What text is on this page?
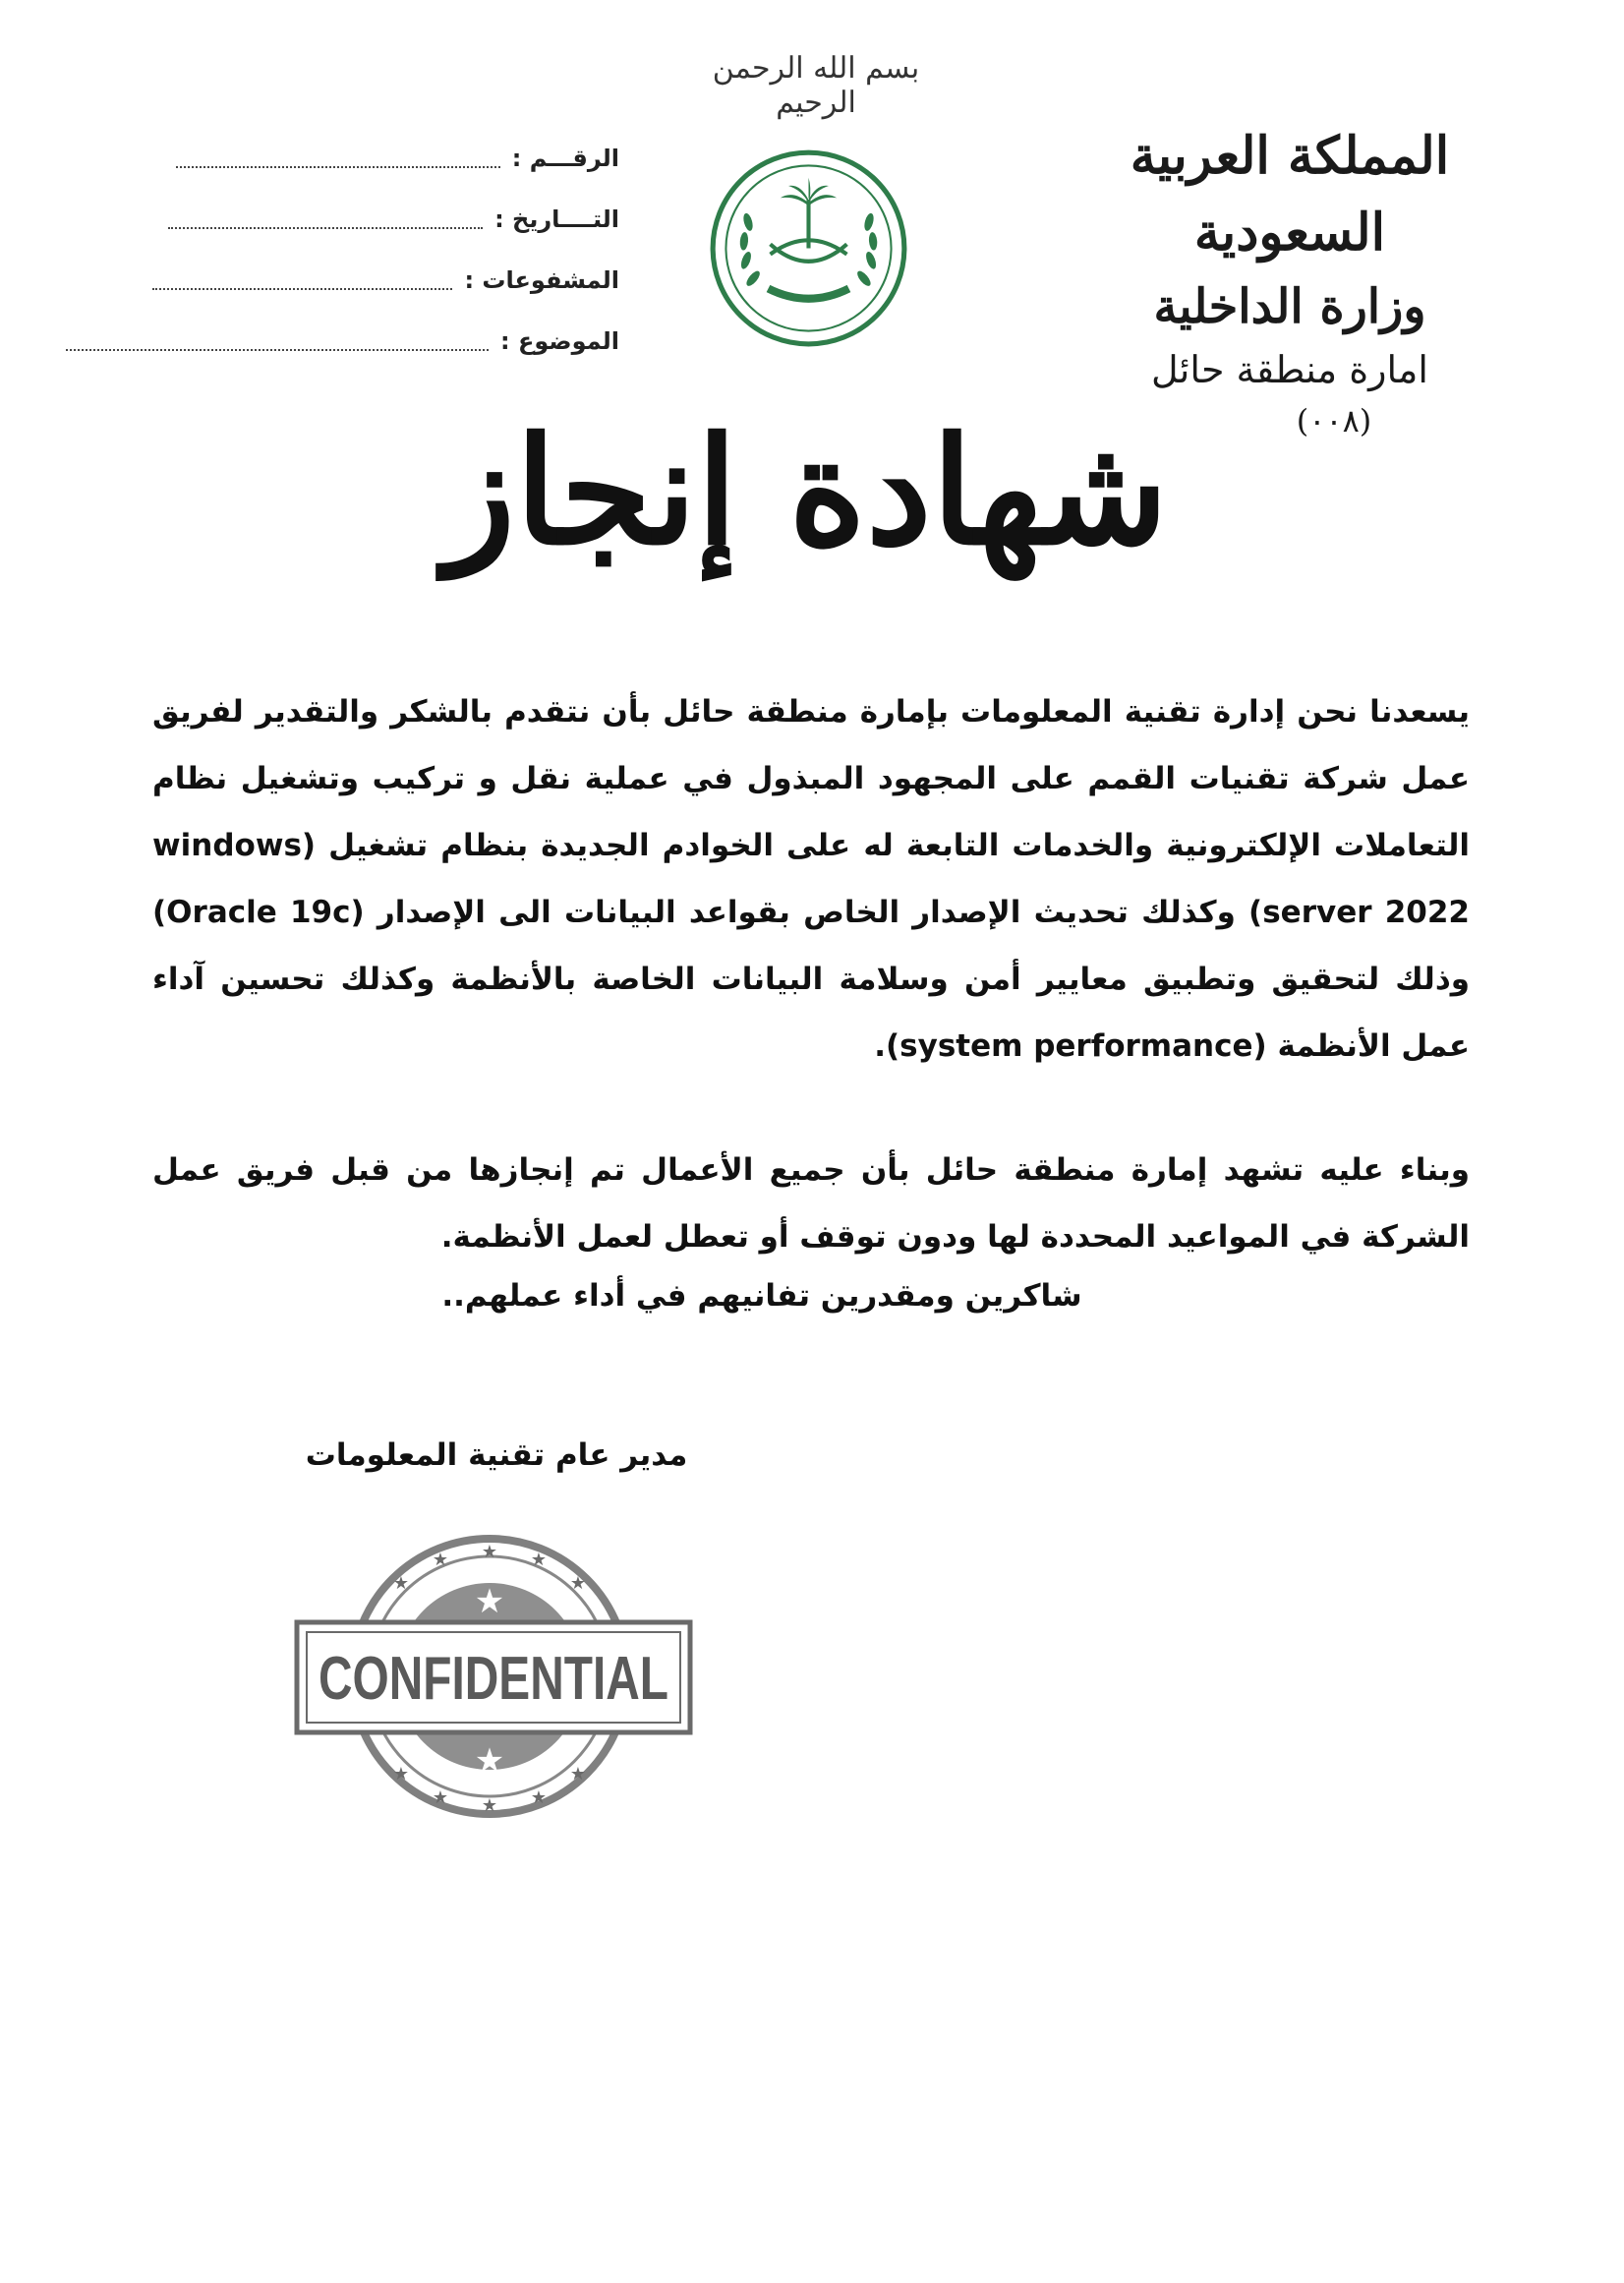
بسم الله الرحمن الرحيم
المملكة العربية السعودية
وزارة الداخلية
امارة منطقة حائل
(٠٠٨)
الرقـــم :
التــــاريخ :
المشفوعات :
الموضوع :
شهادة إنجاز

يسعدنا نحن إدارة تقنية المعلومات بإمارة منطقة حائل بأن نتقدم بالشكر والتقدير لفريق عمل شركة تقنيات القمم على المجهود المبذول في عملية نقل و تركيب وتشغيل نظام التعاملات الإلكترونية والخدمات التابعة له على الخوادم الجديدة بنظام تشغيل (windows server 2022) وكذلك تحديث الإصدار الخاص بقواعد البيانات الى الإصدار (Oracle 19c) وذلك لتحقيق وتطبيق معايير أمن وسلامة البيانات الخاصة بالأنظمة وكذلك تحسين آداء عمل الأنظمة (system performance).

وبناء عليه تشهد إمارة منطقة حائل بأن جميع الأعمال تم إنجازها من قبل فريق عمل الشركة في المواعيد المحددة لها ودون توقف أو تعطل لعمل الأنظمة.

شاكرين ومقدرين تفانيهم في أداء عملهم..
مدير عام تقنية المعلومات
★
★	★
★	★
★
★	★
★	★
★
★
CONFIDENTIAL
